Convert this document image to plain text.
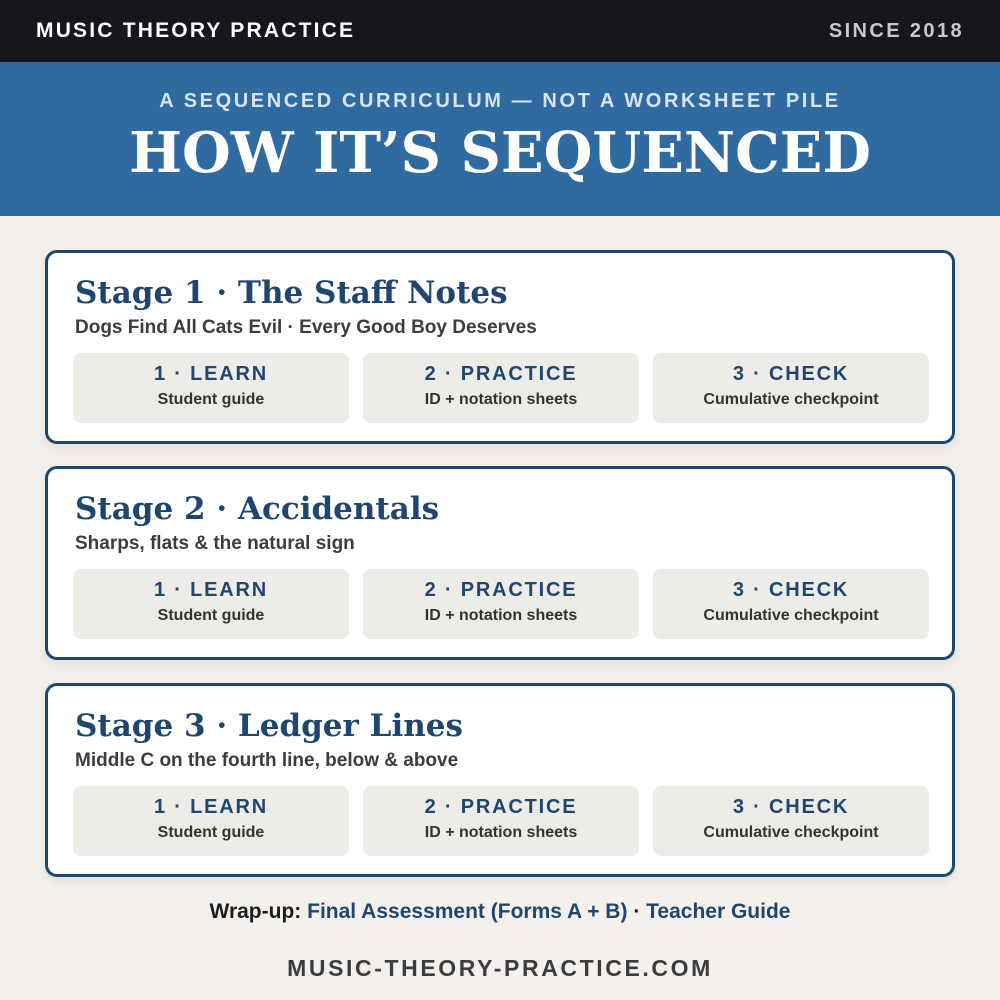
MUSIC THEORY PRACTICE	SINCE 2018
A SEQUENCED CURRICULUM — NOT A WORKSHEET PILE
HOW IT’S SEQUENCED
Stage 1 · The Staff Notes
Dogs Find All Cats Evil · Every Good Boy Deserves
1 · LEARN
Student guide
2 · PRACTICE
ID + notation sheets
3 · CHECK
Cumulative checkpoint
Stage 2 · Accidentals
Sharps, flats & the natural sign
1 · LEARN
Student guide
2 · PRACTICE
ID + notation sheets
3 · CHECK
Cumulative checkpoint
Stage 3 · Ledger Lines
Middle C on the fourth line, below & above
1 · LEARN
Student guide
2 · PRACTICE
ID + notation sheets
3 · CHECK
Cumulative checkpoint
Wrap-up: Final Assessment (Forms A + B) · Teacher Guide
MUSIC-THEORY-PRACTICE.COM
